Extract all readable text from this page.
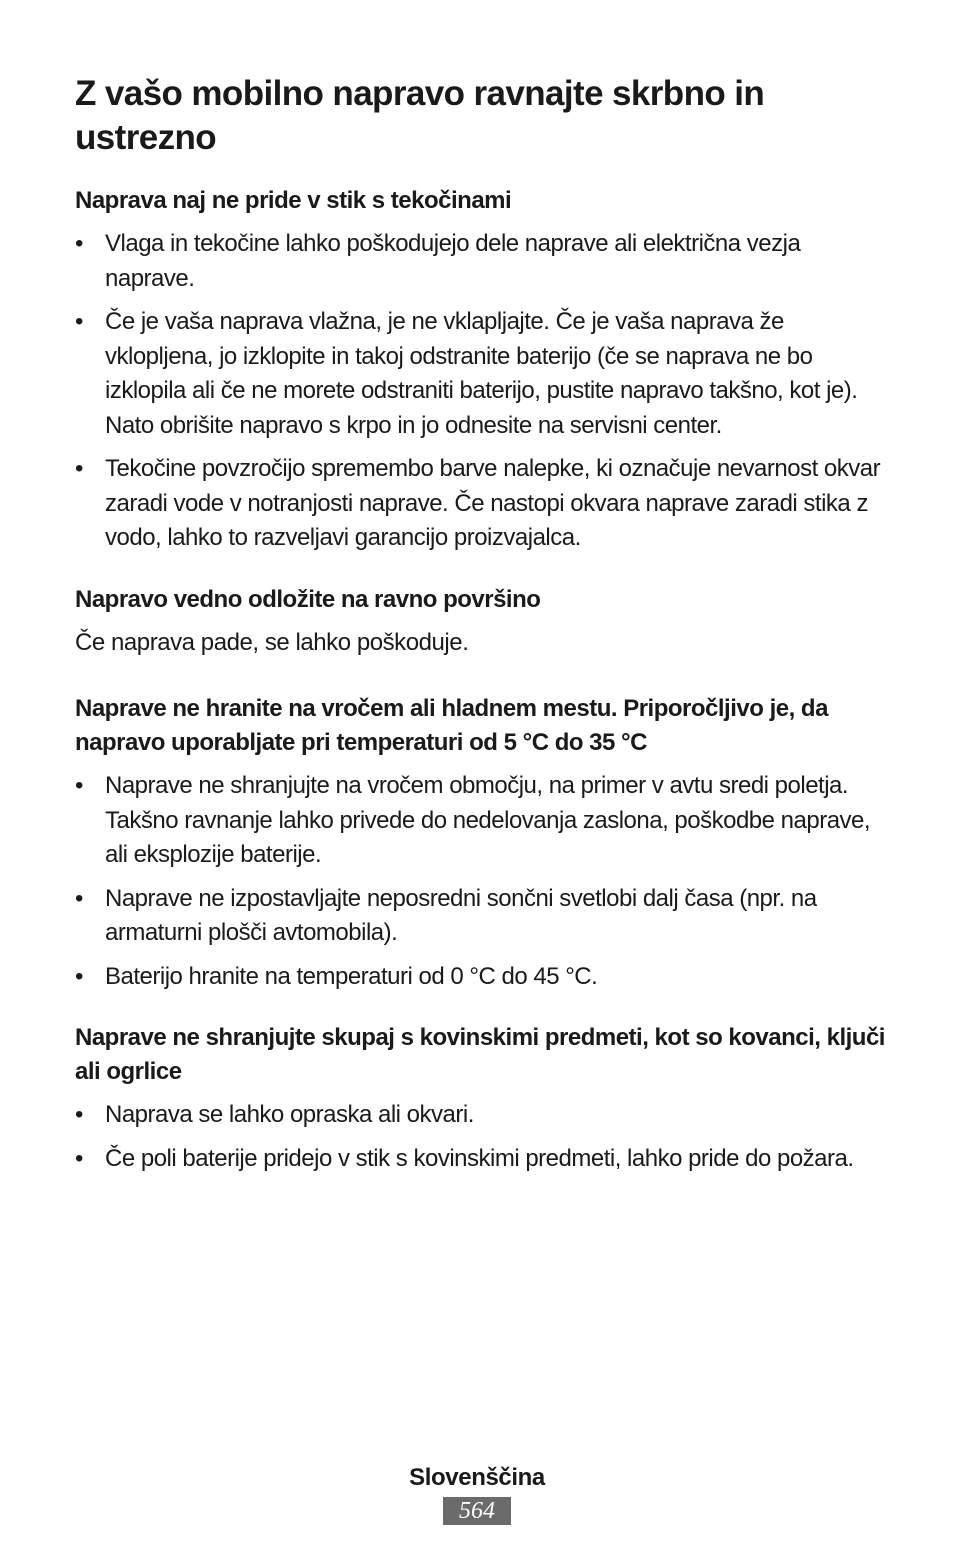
Z vašo mobilno napravo ravnajte skrbno in ustrezno
Naprava naj ne pride v stik s tekočinami
• Vlaga in tekočine lahko poškodujejo dele naprave ali električna vezja naprave.
• Če je vaša naprava vlažna, je ne vklapljajte. Če je vaša naprava že vklopljena, jo izklopite in takoj odstranite baterijo (če se naprava ne bo izklopila ali če ne morete odstraniti baterijo, pustite napravo takšno, kot je). Nato obrišite napravo s krpo in jo odnesite na servisni center.
• Tekočine povzročijo spremembo barve nalepke, ki označuje nevarnost okvar zaradi vode v notranjosti naprave. Če nastopi okvara naprave zaradi stika z vodo, lahko to razveljavi garancijo proizvajalca.
Napravo vedno odložite na ravno površino

Če naprava pade, se lahko poškoduje.

Naprave ne hranite na vročem ali hladnem mestu. Priporočljivo je, da napravo uporabljate pri temperaturi od 5 °C do 35 °C
• Naprave ne shranjujte na vročem območju, na primer v avtu sredi poletja. Takšno ravnanje lahko privede do nedelovanja zaslona, poškodbe naprave, ali eksplozije baterije.
• Naprave ne izpostavljajte neposredni sončni svetlobi dalj časa (npr. na armaturni plošči avtomobila).
• Baterijo hranite na temperaturi od 0 °C do 45 °C.
Naprave ne shranjujte skupaj s kovinskimi predmeti, kot so kovanci, ključi ali ogrlice
• Naprava se lahko opraska ali okvari.
• Če poli baterije pridejo v stik s kovinskimi predmeti, lahko pride do požara.
Slovenščina
564
